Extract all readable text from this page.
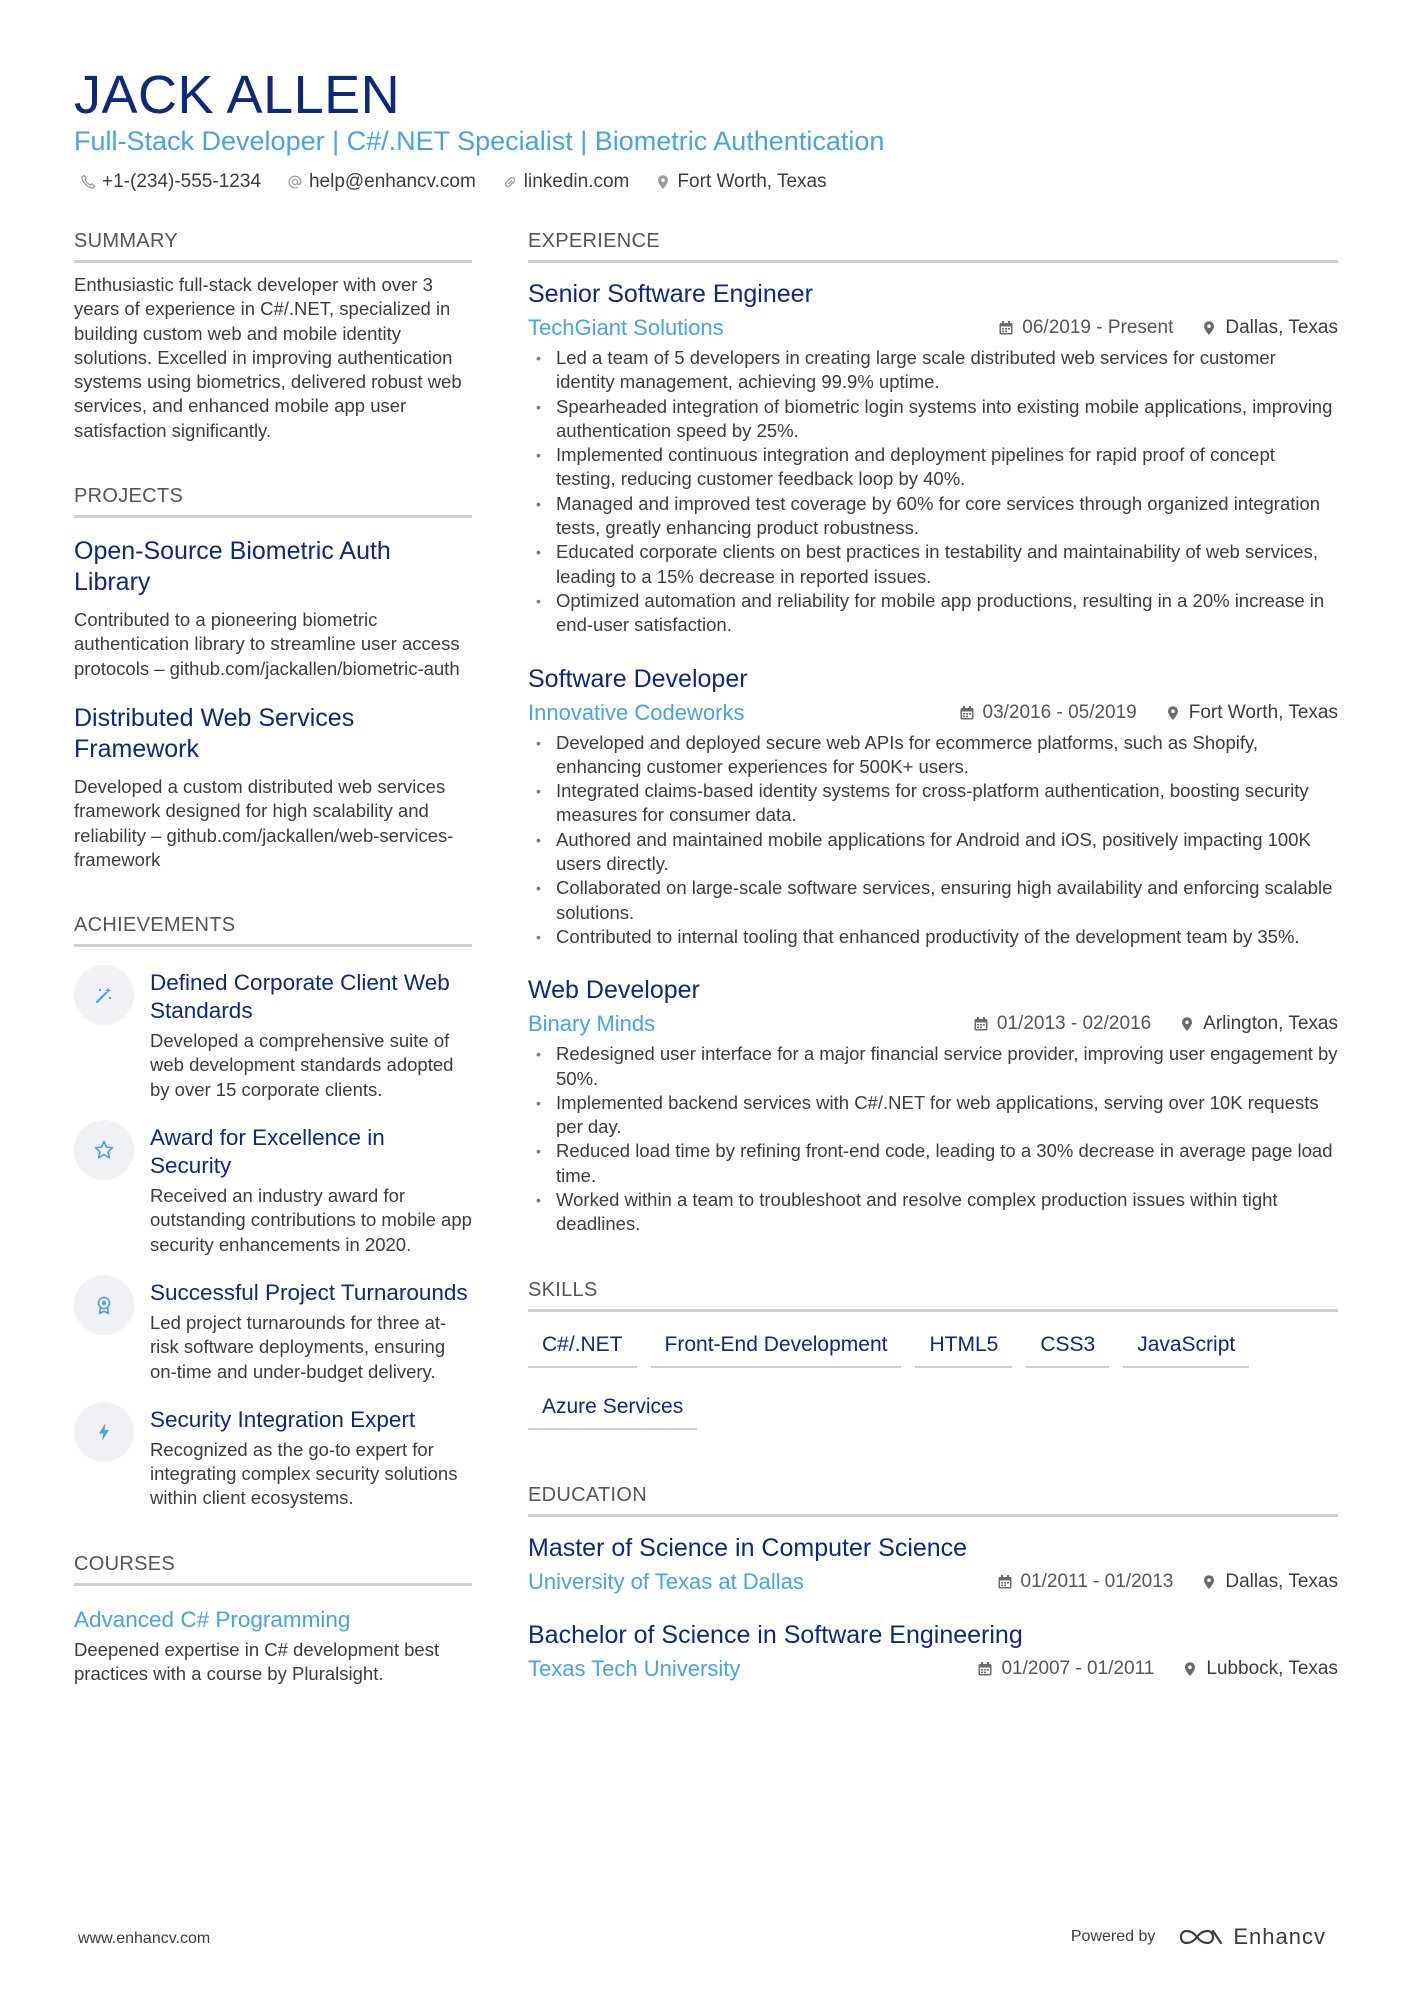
JACK ALLEN
Full-Stack Developer | C#/.NET Specialist | Biometric Authentication
+1-(234)-555-1234	help@enhancv.com	linkedin.com	Fort Worth, Texas
SUMMARY

Enthusiastic full-stack developer with over 3 years of experience in C#/.NET, specialized in building custom web and mobile identity solutions. Excelled in improving authentication systems using biometrics, delivered robust web services, and enhanced mobile app user satisfaction significantly.

PROJECTS
Open-Source Biometric Auth Library

Contributed to a pioneering biometric authentication library to streamline user access protocols – github.com/jackallen/biometric-auth

Distributed Web Services Framework

Developed a custom distributed web services framework designed for high scalability and reliability – github.com/jackallen/web-services-framework

ACHIEVEMENTS
Defined Corporate Client Web Standards

Developed a comprehensive suite of web development standards adopted by over 15 corporate clients.

Award for Excellence in Security

Received an industry award for outstanding contributions to mobile app security enhancements in 2020.

Successful Project Turnarounds

Led project turnarounds for three at-risk software deployments, ensuring on-time and under-budget delivery.

Security Integration Expert

Recognized as the go-to expert for integrating complex security solutions within client ecosystems.

COURSES
Advanced C# Programming

Deepened expertise in C# development best practices with a course by Pluralsight.

EXPERIENCE
Senior Software Engineer
TechGiant Solutions	06/2019 - Present	Dallas, Texas
• Led a team of 5 developers in creating large scale distributed web services for customer identity management, achieving 99.9% uptime.
• Spearheaded integration of biometric login systems into existing mobile applications, improving authentication speed by 25%.
• Implemented continuous integration and deployment pipelines for rapid proof of concept testing, reducing customer feedback loop by 40%.
• Managed and improved test coverage by 60% for core services through organized integration tests, greatly enhancing product robustness.
• Educated corporate clients on best practices in testability and maintainability of web services, leading to a 15% decrease in reported issues.
• Optimized automation and reliability for mobile app productions, resulting in a 20% increase in end-user satisfaction.
Software Developer
Innovative Codeworks	03/2016 - 05/2019	Fort Worth, Texas
• Developed and deployed secure web APIs for ecommerce platforms, such as Shopify, enhancing customer experiences for 500K+ users.
• Integrated claims-based identity systems for cross-platform authentication, boosting security measures for consumer data.
• Authored and maintained mobile applications for Android and iOS, positively impacting 100K users directly.
• Collaborated on large-scale software services, ensuring high availability and enforcing scalable solutions.
• Contributed to internal tooling that enhanced productivity of the development team by 35%.
Web Developer
Binary Minds	01/2013 - 02/2016	Arlington, Texas
• Redesigned user interface for a major financial service provider, improving user engagement by 50%.
• Implemented backend services with C#/.NET for web applications, serving over 10K requests per day.
• Reduced load time by refining front-end code, leading to a 30% decrease in average page load time.
• Worked within a team to troubleshoot and resolve complex production issues within tight deadlines.
SKILLS
C#/.NET	Front-End Development	HTML5	CSS3	JavaScript
Azure Services
EDUCATION
Master of Science in Computer Science
University of Texas at Dallas	01/2011 - 01/2013	Dallas, Texas
Bachelor of Science in Software Engineering
Texas Tech University	01/2007 - 01/2011	Lubbock, Texas
www.enhancv.com	Powered by	Enhancv
